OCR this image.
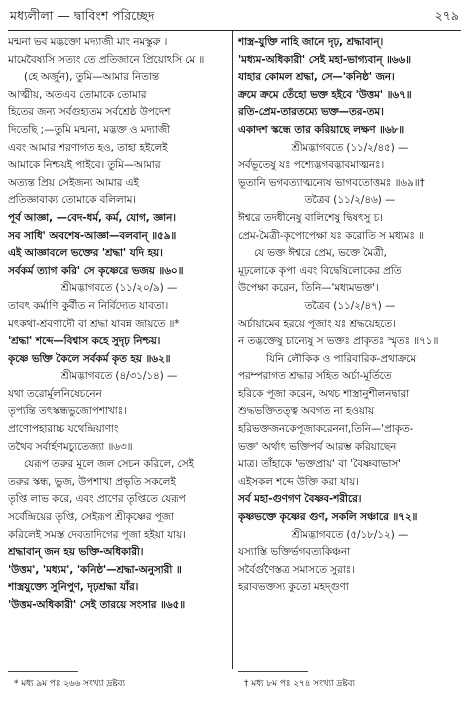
মধ্যলীলা — দ্বাবিংশ পরিচ্ছেদ	২৭৯
মন্মনা ভব মদ্ভক্তো মদ্যাজী মাং নমস্কুরু ।
মামেবৈষ্যসি সত্যং তে প্রতিজানে প্রিয়োঽসি মে ॥
(হে অর্জুন), তুমি—আমার নিতান্ত
আত্মীয়, অতএব তোমাকে তোমার
হিতের জন্য সর্বগুহ্যতম সর্বশ্রেষ্ঠ উপদেশ
দিতেছি ;—তুমি মন্মনা, মদ্ভক্ত ও মদ্যাজী
এবং আমার শরণাগত হও, তাহা হইলেই
আমাকে নিশ্চয়ই পাইবে। তুমি—আমার
অত্যন্ত প্রিয় সেইজন্য আমার এই
প্রতিজ্ঞাবাক্য তোমাকে বলিলাম।
পূর্ব আজ্ঞা, —বেদ-ধর্ম, কর্ম, যোগ, জ্ঞান।
সব সাধি' অবশেষ-আজ্ঞা—বলবান্ ॥৫৯॥
এই আজ্ঞাবলে ভক্তের 'শ্রদ্ধা' যদি হয়।
সর্বকর্ম ত্যাগ করি' সে কৃষ্ণেরে ভজয় ॥৬০॥
শ্রীমদ্ভাগবতে (১১/২০/৯) —
তাবৎ কর্মাণি কুর্বীত ন নির্বিদ্যেত যাবতা।
মৎকথা-শ্রবণাদৌ বা শ্রদ্ধা যাবন্ন জায়তে ॥*
'শ্রদ্ধা' শব্দে—বিশ্বাস কহে সুদৃঢ় নিশ্চয়।
কৃষ্ণে ভক্তি কৈলে সর্বকর্ম কৃত হয় ॥৬২॥
শ্রীমদ্ভাগবতে (৪/৩১/১৪) —
যথা তরোর্মূলনিষেচনেন
তৃপ্যন্তি তৎস্কন্ধভুজোপশাখাঃ।
প্রাণোপহারাচ্চ যথেন্দ্রিয়াণাং
তথৈব সর্বার্হণমচ্যুতেজ্যা ॥৬৩॥
যেরূপ তরুর মূলে জল সেচন করিলে, সেই
তরুর স্কন্ধ, ভুজ, উপশাখা প্রভৃতি সকলেই
তৃপ্তি লাভ করে, এবং প্রাণের তৃপ্তিতে যেরূপ
সর্বেন্দ্রিয়ের তৃপ্তি, সেইরূপ শ্রীকৃষ্ণের পূজা
করিলেই সমস্ত দেবতাদিগের পূজা হইয়া যায়।
শ্রদ্ধাবান্ জন হয় ভক্তি-অধিকারী।
'উত্তম', 'মধ্যম', 'কনিষ্ঠ'—শ্রদ্ধা-অনুসারী ॥
শাস্ত্রযুক্ত্যে সুনিপুণ, দৃঢ়শ্রদ্ধা যাঁর।
'উত্তম-অধিকারী' সেই তারয়ে সংসার ॥৬৫॥
শাস্ত্র-যুক্তি নাহি জানে দৃঢ়, শ্রদ্ধাবান্।
'মধ্যম-অধিকারী' সেই মহা-ভাগ্যবান্ ॥৬৬॥
যাহার কোমল শ্রদ্ধা, সে—'কনিষ্ঠ' জন।
ক্রমে ক্রমে তেঁহো ভক্ত হইবে 'উত্তম' ॥৬৭॥
রতি-প্রেম-তারতম্যে ভক্ত—তর-তম।
একাদশ স্কন্ধে তার করিয়াছে লক্ষণ ॥৬৮॥
শ্রীমদ্ভাগবতে (১১/২/৪৫) —
সর্বভূতেষু যঃ পশ্যেদ্ভগবদ্ভাবমাত্মনঃ।
ভূতানি ভগবত্যাত্মন্যেষ ভাগবতোত্তমঃ ॥৬৯॥†
তত্রৈব (১১/২/৪৬) —
ঈশ্বরে তদধীনেষু বালিশেষু দ্বিষৎসু চ।
প্রেম-মৈত্রী-কৃপোপেক্ষা যঃ করোতি স মধ্যমঃ ॥
যে ভক্ত ঈশ্বরে প্রেম, ভক্তে মৈত্রী,
মূঢ়লোকে কৃপা এবং বিদ্বেষিলোকের প্রতি
উপেক্ষা করেন, তিনি—'মধ্যমভক্ত'।
তত্রৈব (১১/২/৪৭) —
অর্চায়ামেব হরয়ে পূজাং যঃ শ্রদ্ধয়েহতে।
ন তদ্ভক্তেষু চান্যেষু স ভক্তঃ প্রাকৃতঃ স্মৃতঃ ॥৭১॥
যিনি লৌকিক ও পারিবারিক-প্রথাক্রমে
পরম্পরাগত শ্রদ্ধার সহিত অর্চা-মূর্তিতে
হরিকে পূজা করেন, অথচ শাস্ত্রানুশীলনদ্বারা
শুদ্ধভক্তিতত্ত্ব অবগত না হওয়ায়
হরিভক্তজনকেপূজাকরেননা,তিনি—'প্রাকৃত-
ভক্ত' অর্থাৎ ভক্তিপর্ব আরম্ভ করিয়াছেন
মাত্র। তাঁহাকে 'ভক্তপ্রায়' বা 'বৈষ্ণবাভাস'
এইসকল শব্দে উক্তি করা যায়।
সর্ব মহা-গুণগণ বৈষ্ণব-শরীরে।
কৃষ্ণভক্তে কৃষ্ণের গুণ, সকলি সঞ্চারে ॥৭২॥
শ্রীমদ্ভাগবতে (৫/১৮/১২) —
যস্যাস্তি ভক্তির্ভগবত্যকিঞ্চনা
সর্বৈর্গুণৈস্তত্র সমাসতে সুরাঃ।
হরাবভক্তস্য কুতো মহদ্গুণা
* মধ্য ৯ম পঃ ২৬৬ সংখ্যা দ্রষ্টব্য	† মধ্য ৮ম পঃ ২৭৪ সংখ্যা দ্রষ্টব্য
